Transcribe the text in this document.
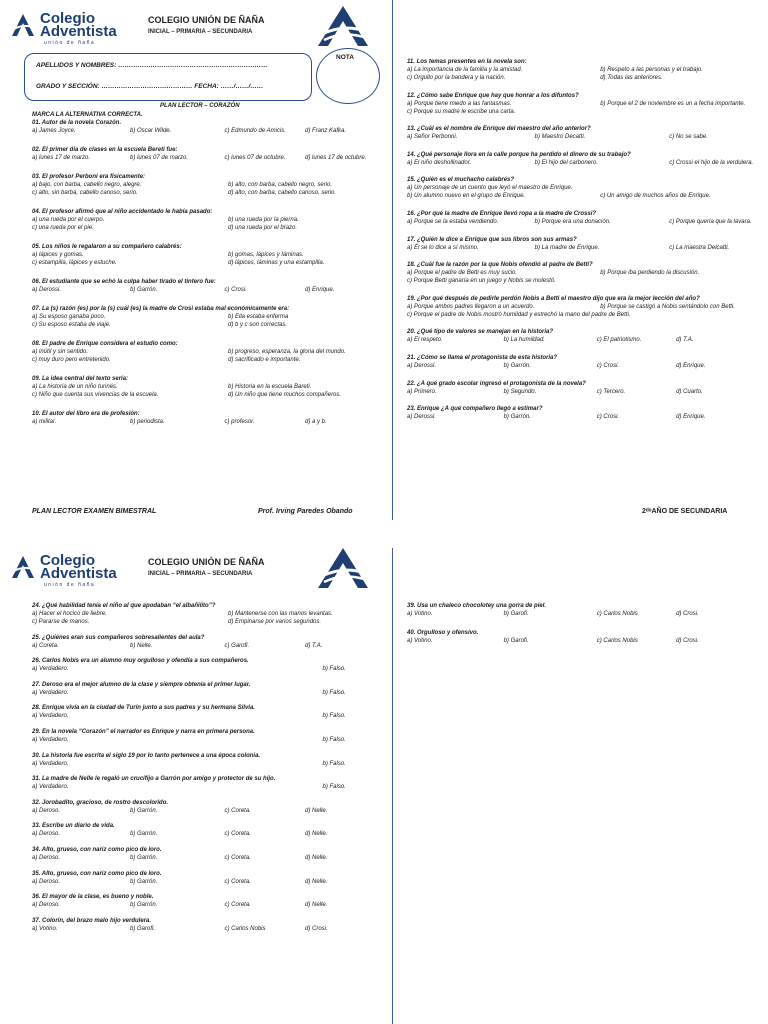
Colegio
Adventista
unión de ñaña
COLEGIO UNIÓN DE ÑAÑA
INICIAL – PRIMARIA – SECUNDARIA
APELLIDOS Y NOMBRES: ……………………………………………………………
GRADO Y SECCIÓN: …………………………………… FECHA: ……/……/……
NOTA
PLAN LECTOR – CORAZÓN
MARCA LA ALTERNATIVA CORRECTA.
01. Autor de la novela Corazón.
a) James Joyce.	b) Oscar Wilde.	c) Edmundo de Amicis.	d) Franz Kafka.
02. El primer día de clases en la escuela Bereti fue:
a) lunes 17 de marzo.	b) lunes 07 de marzo.	c) lunes 07 de octubre.	d) lunes 17 de octubre.
03. El profesor Perboni era físicamente:
a) bajo, con barba, cabello negro, alegre.	b) alto, con barba, cabello negro, serio.
c) alto, sin barba, cabello canoso, serio.	d) alto, con barba, cabello canoso, serio.
04. El profesor afirmó que al niño accidentado le había pasado:
a) una rueda por el cuerpo.	b) una rueda por la pierna.
c) una rueda por el pie.	d) una rueda por el brazo.
05. Los niños le regalaron a su compañero calabrés:
a) lápices y gomas.	b) gomas, lápices y láminas.
c) estampilla, lápices y estuche.	d) lápices, láminas y una estampilla.
06. El estudiante que se echó la culpa haber tirado el tintero fue:
a) Derossi.	b) Garrón.	c) Crosi.	d) Enrique.
07. La (s) razón (es) por la (s) cuál (es) la madre de Crosi estaba mal económicamente era:
a) Su esposo ganaba poco.	b) Ella estaba enferma
c) Su esposo estaba de viaje.	d) b y c son correctas.
08. El padre de Enrique considera el estudio como:
a) inútil y sin sentido.	b) progreso, esperanza, la gloria del mundo.
c) muy duro pero entretenido.	d) sacrificado e importante.
09. La idea central del texto sería:
a) La historia de un niño turinés.	b) Historia en la escuela Bareti.
c) Niño que cuenta sus vivencias de la escuela.	d) Un niño que tiene muchos compañeros.
10. El autor del libro era de profesión:
a) militar.	b) periodista.	c) profesor.	d) a y b.
11. Los temas presentes en la novela son:
a) La importancia de la familia y la amistad.	b) Respeto a las personas y el trabajo.
c) Orgullo por la bandera y la nación.	d) Todas las anteriores.
12. ¿Cómo sabe Enrique que hay que honrar a los difuntos?
a) Porque tiene miedo a las fantasmas.	b) Porque el 2 de noviembre es un a fecha importante.
c) Porque su madre le escribe una carta.
13. ¿Cuál es el nombre de Enrique del maestro del año anterior?
a) Señor Perbonni.	b) Maestro Decatti.	c) No se sabe.
14. ¿Qué personaje llora en la calle porque ha perdido el dinero de su trabajo?
a) El niño deshollinador.	b) El hijo del carbonero.	c) Crossi el hijo de la verdulera.
15. ¿Quién es el muchacho calabrés?
a) Un personaje de un cuento que leyó el maestro de Enrique.
b) Un alumno nuevo en el grupo de Enrique.	c) Un amigo de muchos años de Enrique.
16. ¿Por qué la madre de Enrique llevó ropa a la madre de Crossi?
a) Porque se la estaba vendiendo.	b) Porque era una donación.	c) Porque quería que la lavara.
17. ¿Quién le dice a Enrique que sus libros son sus armas?
a) Él se lo dice a sí mismo.	b) La madre de Enrique.	c) La maestra Delcatti.
18. ¿Cuál fue la razón por la que Nobis ofendió al padre de Betti?
a) Porque el padre de Betti es muy sucio.	b) Porque iba perdiendo la discusión.
c) Porque Betti ganaría en un juego y Nobis se molestó.
19. ¿Por qué después de pedirle perdón Nobis a Betti el maestro dijo que era la mejor lección del año?
a) Porque ambos padres llegaron a un acuerdo.	b) Porque se castigó a Nobis sentándolo con Betti.
c) Porque el padre de Nobis mostró humildad y estrechó la mano del padre de Betti.
20. ¿Qué tipo de valores se manejan en la historia?
a) El respeto.	b) La humildad.	c) El patriotismo.	d) T.A.
21. ¿Cómo se llama el protagonista de esta historia?
a) Derossi.	b) Garrón.	c) Crosi.	d) Enrique.
22. ¿A qué grado escolar ingresó el protagonista de la novela?
a) Primero.	b) Segundo.	c) Tercero.	d) Cuarto.
23. Enrique ¿A qué compañero llegó a estimar?
a) Derossi.	b) Garrón.	c) Crosi.	d) Enrique.
PLAN LECTOR EXAMEN BIMESTRAL	Prof. Irving Paredes Obando	2ᵈᵒAÑO DE SECUNDARIA
Colegio
Adventista
unión de ñaña
COLEGIO UNIÓN DE ÑAÑA
INICIAL – PRIMARIA – SECUNDARIA
24. ¿Qué habilidad tenía el niño al que apodaban “el albañilito”?
a) Hacer el hocico de liebre.	b) Mantenerse con las manos levantas.
c) Pararse de manos.	d) Empinarse por varios segundos.
25. ¿Quiénes eran sus compañeros sobresalientes del aula?
a) Coreta.	b) Nelle.	c) Garofi.	d) T.A.
26. Carlos Nobis era un alumno muy orgulloso y ofendía a sus compañeros.
a) Verdadero.	b) Falso.
27. Deroso era el mejor alumno de la clase y siempre obtenía el primer lugar.
a) Verdadero.	b) Falso.
28. Enrique vivía en la ciudad de Turín junto a sus padres y su hermana Silvia.
a) Verdadero.	b) Falso.
29. En la novela “Corazón” el narrador es Enrique y narra en primera persona.
a) Verdadero.	b) Falso.
30. La historia fue escrita el siglo 19 por lo tanto pertenece a una época colonia.
a) Verdadero.	b) Falso.
31. La madre de Nelle le regaló un crucifijo a Garrón por amigo y protector de su hijo.
a) Verdadero.	b) Falso.
32. Jorobadito, gracioso, de rostro descolorido.
a) Deroso.	b) Garrón.	c) Coreta.	d) Nelle.
33. Escribe un diario de vida.
a) Deroso.	b) Garrón.	c) Coreta.	d) Nelle.
34. Alto, grueso, con nariz como pico de loro.
a) Deroso.	b) Garrón.	c) Coreta.	d) Nelle.
35. Alto, grueso, con nariz como pico de loro.
a) Deroso.	b) Garrón.	c) Coreta.	d) Nelle.
36. El mayor de la clase, es bueno y noble.
a) Deroso.	b) Garrón.	c) Coreta.	d) Nelle.
37. Colorín, del brazo malo hijo verdulera.
a) Votino.	b) Garofi.	c) Carlos Nobis	d) Crosi.
39. Usa un chaleco chocolotey una gorra de piel.
a) Votino.	b) Garofi.	c) Carlos Nobis	d) Crosi.
40. Orgulloso y ofensivo.
a) Votino.	b) Garofi.	c) Carlos Nobis	d) Crosi.
